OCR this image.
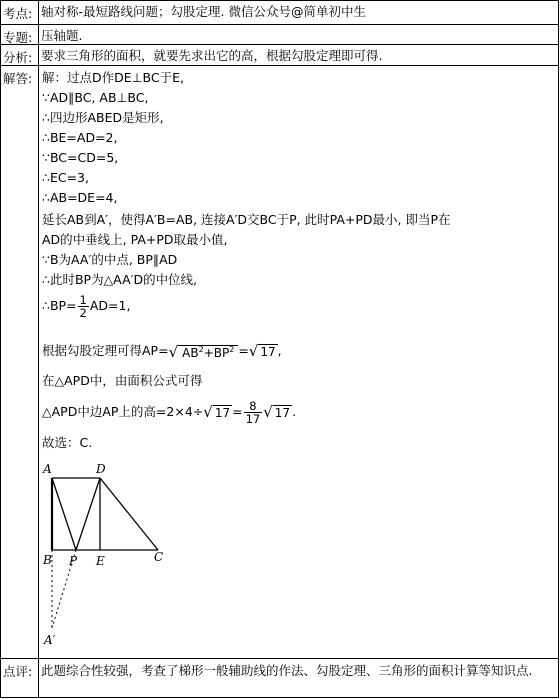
考点: 轴对称-最短路线问题；勾股定理. 微信公众号@简单初中生
专题: 压轴题.
分析: 要求三角形的面积，就要先求出它的高，根据勾股定理即可得.
解答: 解：过点D作DE⊥BC于E,
∵AD∥BC, AB⊥BC,
∴四边形ABED是矩形,
∴BE=AD=2,
∵BC=CD=5,
∴EC=3,
∴AB=DE=4,
延长AB到A′，使得A′B=AB, 连接A′D交BC于P, 此时PA+PD最小, 即当P在
AD的中垂线上, PA+PD取最小值,
∵B为AA′的中点, BP∥AD
∴此时BP为△AA′D的中位线,
∴BP= $\frac{1}{2} AD=1$,
根据勾股定理可得AP=√ $AB^2+BP^2$ =√ 17 ,
在△APD中，由面积公式可得
△APD中边AP上的高=2×4÷√ $17 = \frac{8}{17}$ √ 17 .
故选：C.
点评: 此题综合性较强，考查了梯形一般辅助线的作法、勾股定理、三角形的面积计算等知识点.
A	D
B P E	C
A′
